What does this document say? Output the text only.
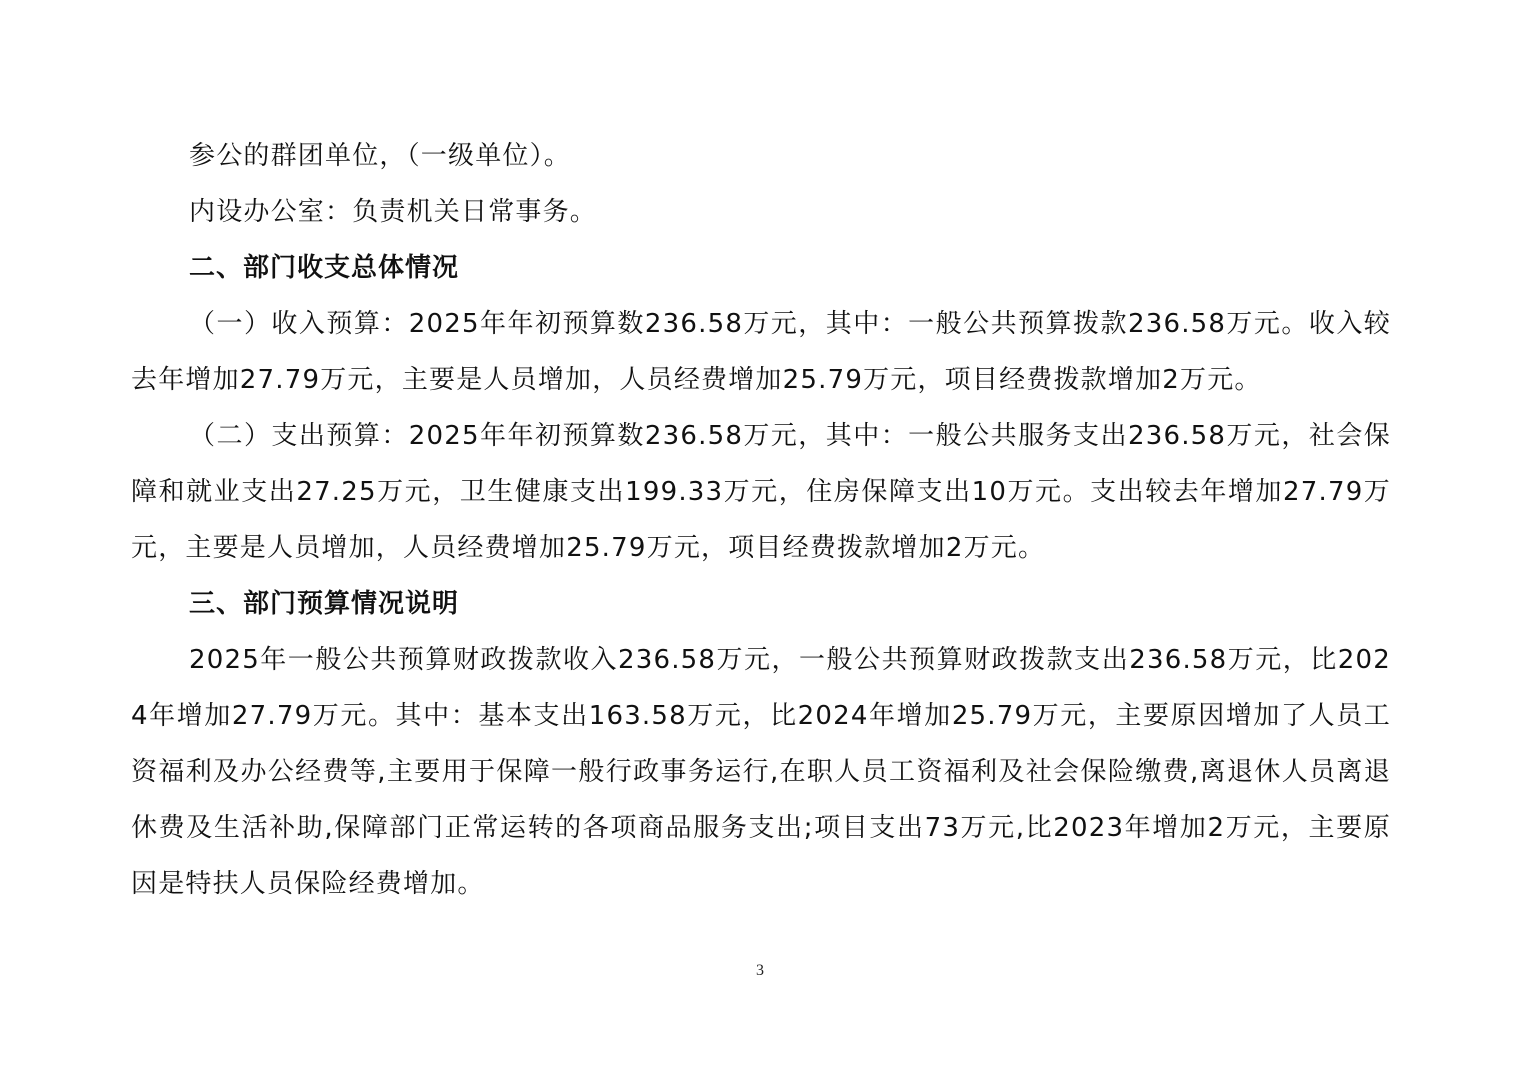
参公的群团单位，（一级单位）。

内设办公室：负责机关日常事务。

二、部门收支总体情况

（一）收入预算：2025年年初预算数236.58万元，其中：一般公共预算拨款236.58万元。收入较去年增加27.79万元，主要是人员增加，人员经费增加25.79万元，项目经费拨款增加2万元。

（二）支出预算：2025年年初预算数236.58万元，其中：一般公共服务支出236.58万元，社会保障和就业支出27.25万元，卫生健康支出199.33万元，住房保障支出10万元。支出较去年增加27.79万元，主要是人员增加，人员经费增加25.79万元，项目经费拨款增加2万元。

三、部门预算情况说明

2025年一般公共预算财政拨款收入236.58万元，一般公共预算财政拨款支出236.58万元，比2024年增加27.79万元。其中：基本支出163.58万元，比2024年增加25.79万元，主要原因增加了人员工资福利及办公经费等,主要用于保障一般行政事务运行,在职人员工资福利及社会保险缴费,离退休人员离退休费及生活补助,保障部门正常运转的各项商品服务支出;项目支出73万元,比2023年增加2万元，主要原因是特扶人员保险经费增加。

3
